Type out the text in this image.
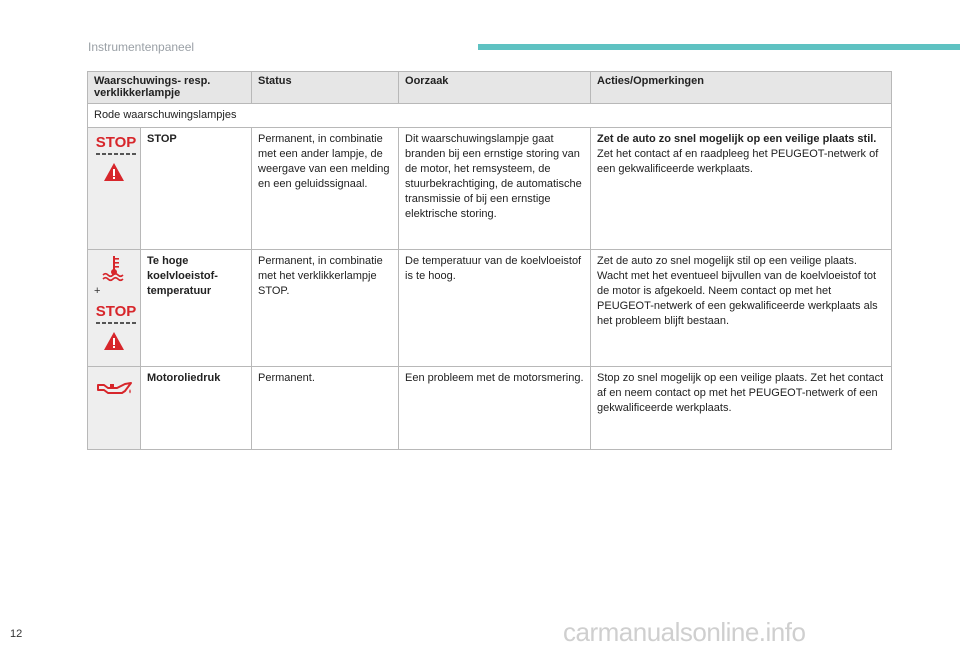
Instrumentenpaneel
Waarschuwings- resp. verklikkerlampje		Status	Oorzaak	Acties/Opmerkingen
Rode waarschuwingslampjes				

STOP	STOP	Permanent, in combinatie met een ander lampje, de weergave van een melding en een geluidssignaal.	Dit waarschuwingslampje gaat branden bij een ernstige storing van de motor, het remsysteem, de stuurbekrachtiging, de automatische transmissie of bij een ernstige elektrische storing.	Zet de auto zo snel mogelijk op een veilige plaats stil.
Zet het contact af en raadpleeg het PEUGEOT-netwerk of een gekwalificeerde werkplaats.

+
STOP	Te hoge koelvloeistof-temperatuur	Permanent, in combinatie met het verklikkerlampje STOP.	De temperatuur van de koelvloeistof is te hoog.	Zet de auto zo snel mogelijk stil op een veilige plaats. Wacht met het eventueel bijvullen van de koelvloeistof tot de motor is afgekoeld. Neem contact op met het PEUGEOT-netwerk of een gekwalificeerde werkplaats als het probleem blijft bestaan.

	Motoroliedruk	Permanent.	Een probleem met de motorsmering.	Stop zo snel mogelijk op een veilige plaats. Zet het contact af en neem contact op met het PEUGEOT-netwerk of een gekwalificeerde werkplaats.
12	carmanualsonline.info
